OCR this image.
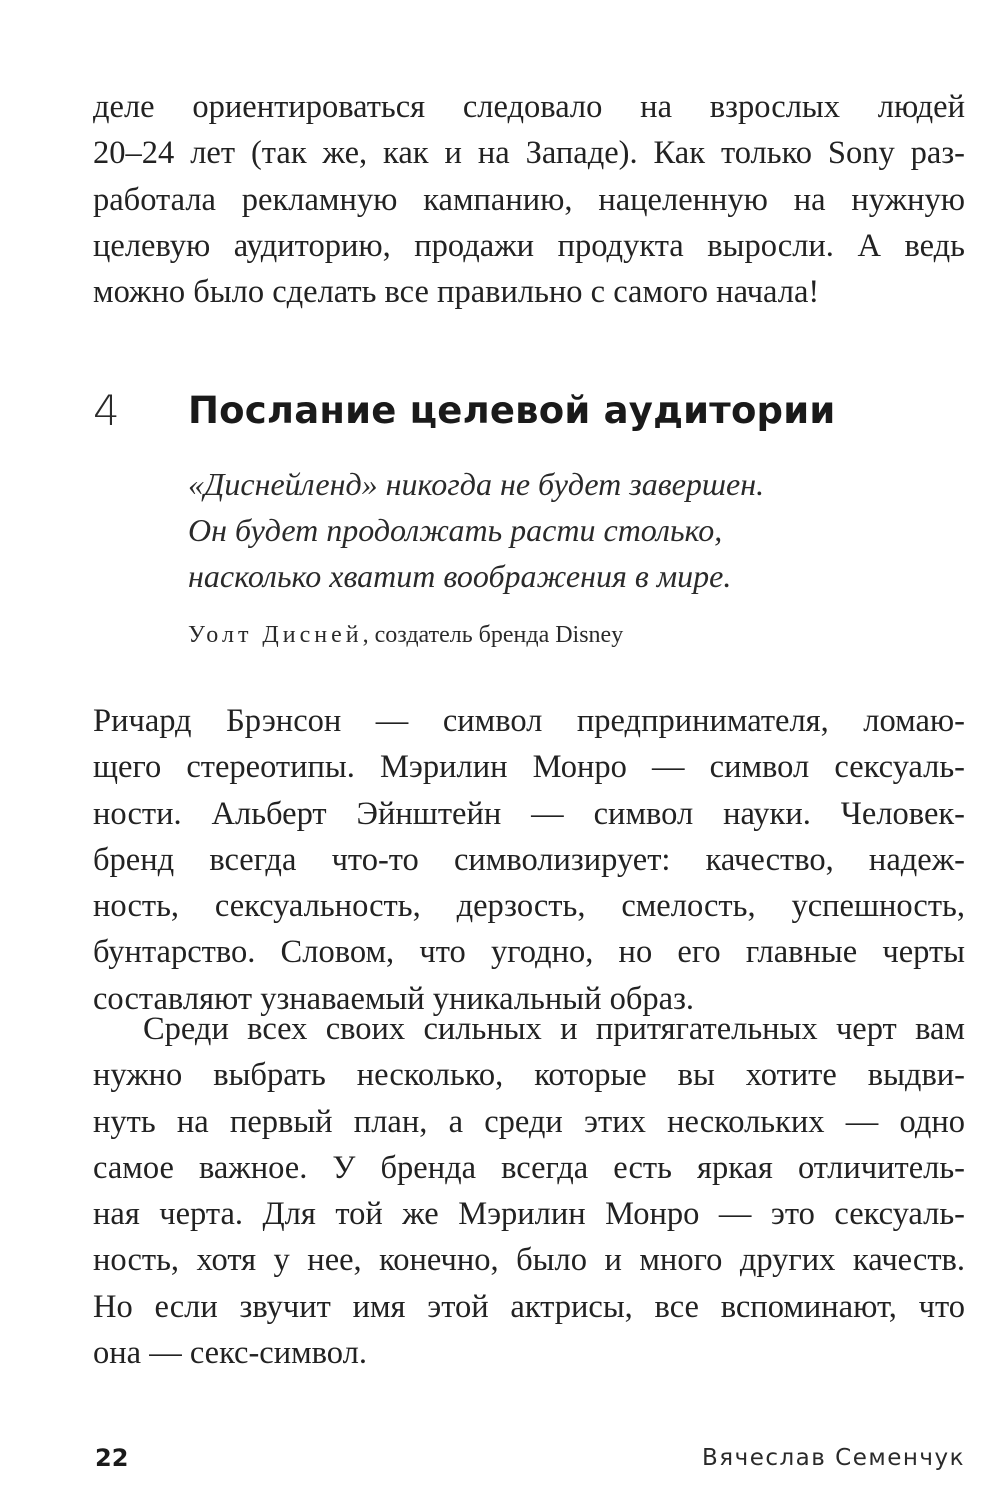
деле ориентироваться следовало на взрослых людей
20–24 лет (так же, как и на Западе). Как только Sony раз-
работала рекламную кампанию, нацеленную на нужную
целевую аудиторию, продажи продукта выросли. А ведь
можно было сделать все правильно с самого начала!
4 Послание целевой аудитории
«Диснейленд» никогда не будет завершен.
Он будет продолжать расти столько,
насколько хватит воображения в мире.
Уолт Дисней, создатель бренда Disney
Ричард Брэнсон — символ предпринимателя, ломаю-
щего стереотипы. Мэрилин Монро — символ сексуаль-
ности. Альберт Эйнштейн — символ науки. Человек-
бренд всегда что-то символизирует: качество, надеж-
ность, сексуальность, дерзость, смелость, успешность,
бунтарство. Словом, что угодно, но его главные черты
составляют узнаваемый уникальный образ.
Среди всех своих сильных и притягательных черт вам
нужно выбрать несколько, которые вы хотите выдви-
нуть на первый план, а среди этих нескольких — одно
самое важное. У бренда всегда есть яркая отличитель-
ная черта. Для той же Мэрилин Монро — это сексуаль-
ность, хотя у нее, конечно, было и много других качеств.
Но если звучит имя этой актрисы, все вспоминают, что
она — секс-символ.
22	Вячеслав Семенчук
